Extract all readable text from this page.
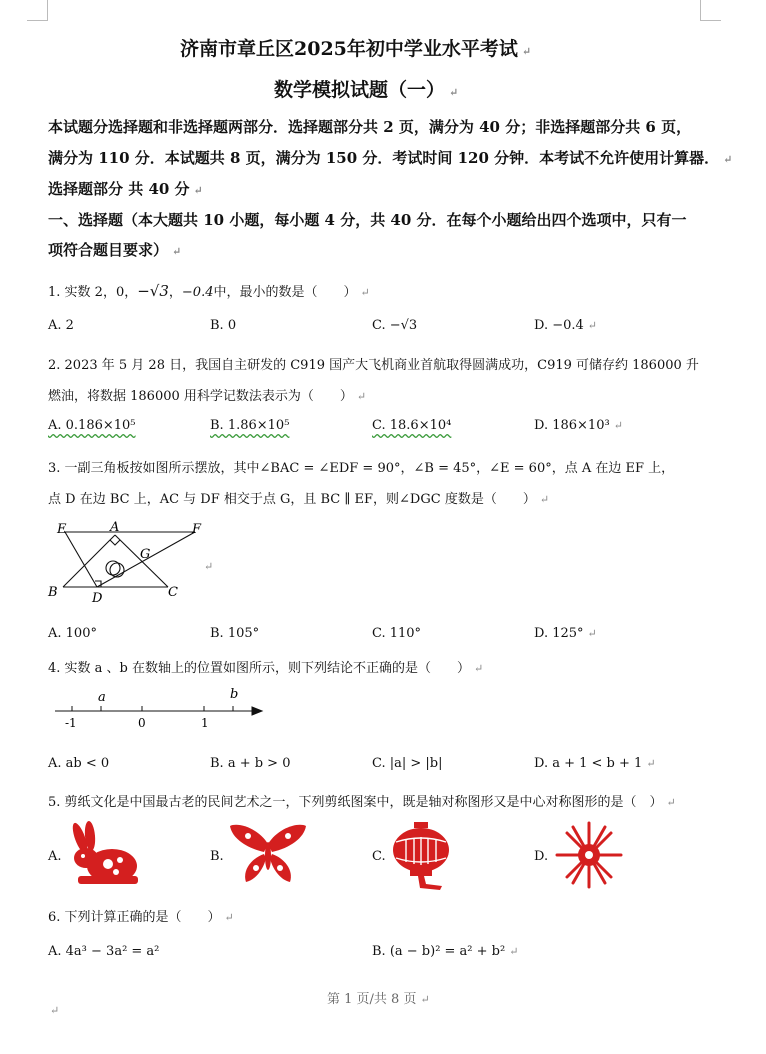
济南市章丘区2025年初中学业水平考试 ↵
数学模拟试题（一） ↵
本试题分选择题和非选择题两部分．选择题部分共 2 页，满分为 40 分；非选择题部分共 6 页，
满分为 110 分．本试题共 8 页，满分为 150 分．考试时间 120 分钟．本考试不允许使用计算器． ↵
选择题部分 共 40 分 ↵
一、选择题（本大题共 10 小题，每小题 4 分，共 40 分．在每个小题给出四个选项中，只有一
项符合题目要求） ↵
1. 实数 2，0，−√3，−0.4中，最小的数是（　　） ↵
A. 2	B. 0	C. −√3	D. −0.4 ↵
2. 2023 年 5 月 28 日，我国自主研发的 C919 国产大飞机商业首航取得圆满成功，C919 可储存约 186000 升
燃油，将数据 186000 用科学记数法表示为（　　） ↵
A. 0.186×10⁵	B. 1.86×10⁵	C. 18.6×10⁴	D. 186×10³ ↵
3. 一副三角板按如图所示摆放，其中∠BAC = ∠EDF = 90°，∠B = 45°，∠E = 60°，点 A 在边 EF 上，
点 D 在边 BC 上，AC 与 DF 相交于点 G，且 BC ∥ EF，则∠DGC 度数是（　　） ↵
E	A	F
G
B	D	C
↵
A. 100°	B. 105°	C. 110°	D. 125° ↵
4. 实数 a 、b 在数轴上的位置如图所示，则下列结论不正确的是（　　） ↵
a	b
-1	0	1
A. ab < 0	B. a + b > 0	C. |a| > |b|	D. a + 1 < b + 1 ↵
5. 剪纸文化是中国最古老的民间艺术之一，下列剪纸图案中，既是轴对称图形又是中心对称图形的是（　） ↵
A.	B.	C.	D.
6. 下列计算正确的是（　　） ↵
A. 4a³ − 3a² = a²	B. (a − b)² = a² + b² ↵
第 1 页/共 8 页 ↵
↵
